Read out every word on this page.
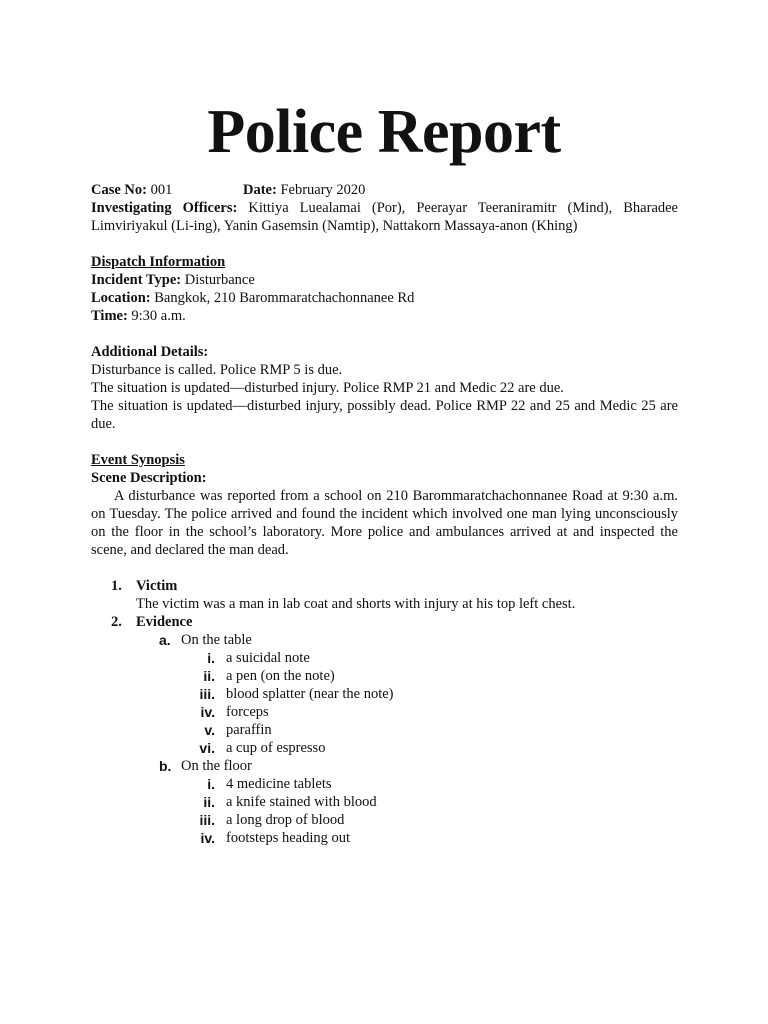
Police Report
Case No: 001	Date: February 2020
Investigating Officers: Kittiya Luealamai (Por), Peerayar Teeraniramitr (Mind), Bharadee Limviriyakul (Li-ing), Yanin Gasemsin (Namtip), Nattakorn Massaya-anon (Khing)
Dispatch Information
Incident Type: Disturbance
Location: Bangkok, 210 Barommaratchachonnanee Rd
Time: 9:30 a.m.
Additional Details:
Disturbance is called. Police RMP 5 is due.
The situation is updated—disturbed injury. Police RMP 21 and Medic 22 are due.
The situation is updated—disturbed injury, possibly dead. Police RMP 22 and 25 and Medic 25 are due.
Event Synopsis
Scene Description:
A disturbance was reported from a school on 210 Barommaratchachonnanee Road at 9:30 a.m. on Tuesday. The police arrived and found the incident which involved one man lying unconsciously on the floor in the school’s laboratory. More police and ambulances arrived at and inspected the scene, and declared the man dead.
1. Victim
The victim was a man in lab coat and shorts with injury at his top left chest.
2. Evidence
a. On the table
i. a suicidal note
ii. a pen (on the note)
iii. blood splatter (near the note)
iv. forceps
v. paraffin
vi. a cup of espresso
b. On the floor
i. 4 medicine tablets
ii. a knife stained with blood
iii. a long drop of blood
iv. footsteps heading out
